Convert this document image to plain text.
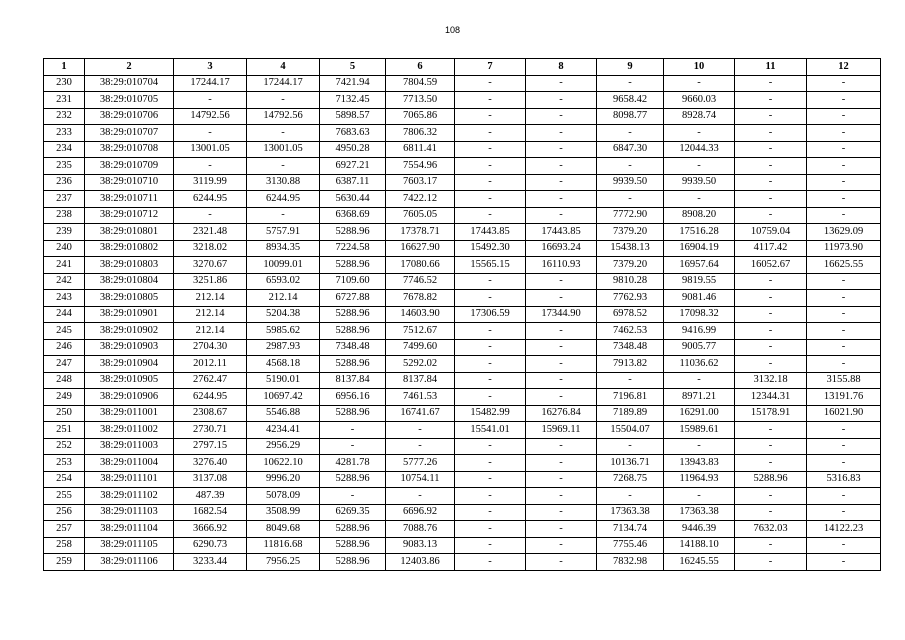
108
1	2	3	4	5	6	7	8	9	10	11	12
230	38:29:010704	17244.17	17244.17	7421.94	7804.59	-	-	-	-	-	-
231	38:29:010705	-	-	7132.45	7713.50	-	-	9658.42	9660.03	-	-
232	38:29:010706	14792.56	14792.56	5898.57	7065.86	-	-	8098.77	8928.74	-	-
233	38:29:010707	-	-	7683.63	7806.32	-	-	-	-	-	-
234	38:29:010708	13001.05	13001.05	4950.28	6811.41	-	-	6847.30	12044.33	-	-
235	38:29:010709	-	-	6927.21	7554.96	-	-	-	-	-	-
236	38:29:010710	3119.99	3130.88	6387.11	7603.17	-	-	9939.50	9939.50	-	-
237	38:29:010711	6244.95	6244.95	5630.44	7422.12	-	-	-	-	-	-
238	38:29:010712	-	-	6368.69	7605.05	-	-	7772.90	8908.20	-	-
239	38:29:010801	2321.48	5757.91	5288.96	17378.71	17443.85	17443.85	7379.20	17516.28	10759.04	13629.09
240	38:29:010802	3218.02	8934.35	7224.58	16627.90	15492.30	16693.24	15438.13	16904.19	4117.42	11973.90
241	38:29:010803	3270.67	10099.01	5288.96	17080.66	15565.15	16110.93	7379.20	16957.64	16052.67	16625.55
242	38:29:010804	3251.86	6593.02	7109.60	7746.52	-	-	9810.28	9819.55	-	-
243	38:29:010805	212.14	212.14	6727.88	7678.82	-	-	7762.93	9081.46	-	-
244	38:29:010901	212.14	5204.38	5288.96	14603.90	17306.59	17344.90	6978.52	17098.32	-	-
245	38:29:010902	212.14	5985.62	5288.96	7512.67	-	-	7462.53	9416.99	-	-
246	38:29:010903	2704.30	2987.93	7348.48	7499.60	-	-	7348.48	9005.77	-	-
247	38:29:010904	2012.11	4568.18	5288.96	5292.02	-	-	7913.82	11036.62	-	-
248	38:29:010905	2762.47	5190.01	8137.84	8137.84	-	-	-	-	3132.18	3155.88
249	38:29:010906	6244.95	10697.42	6956.16	7461.53	-	-	7196.81	8971.21	12344.31	13191.76
250	38:29:011001	2308.67	5546.88	5288.96	16741.67	15482.99	16276.84	7189.89	16291.00	15178.91	16021.90
251	38:29:011002	2730.71	4234.41	-	-	15541.01	15969.11	15504.07	15989.61	-	-
252	38:29:011003	2797.15	2956.29	-	-	-	-	-	-	-	-
253	38:29:011004	3276.40	10622.10	4281.78	5777.26	-	-	10136.71	13943.83	-	-
254	38:29:011101	3137.08	9996.20	5288.96	10754.11	-	-	7268.75	11964.93	5288.96	5316.83
255	38:29:011102	487.39	5078.09	-	-	-	-	-	-	-	-
256	38:29:011103	1682.54	3508.99	6269.35	6696.92	-	-	17363.38	17363.38	-	-
257	38:29:011104	3666.92	8049.68	5288.96	7088.76	-	-	7134.74	9446.39	7632.03	14122.23
258	38:29:011105	6290.73	11816.68	5288.96	9083.13	-	-	7755.46	14188.10	-	-
259	38:29:011106	3233.44	7956.25	5288.96	12403.86	-	-	7832.98	16245.55	-	-
